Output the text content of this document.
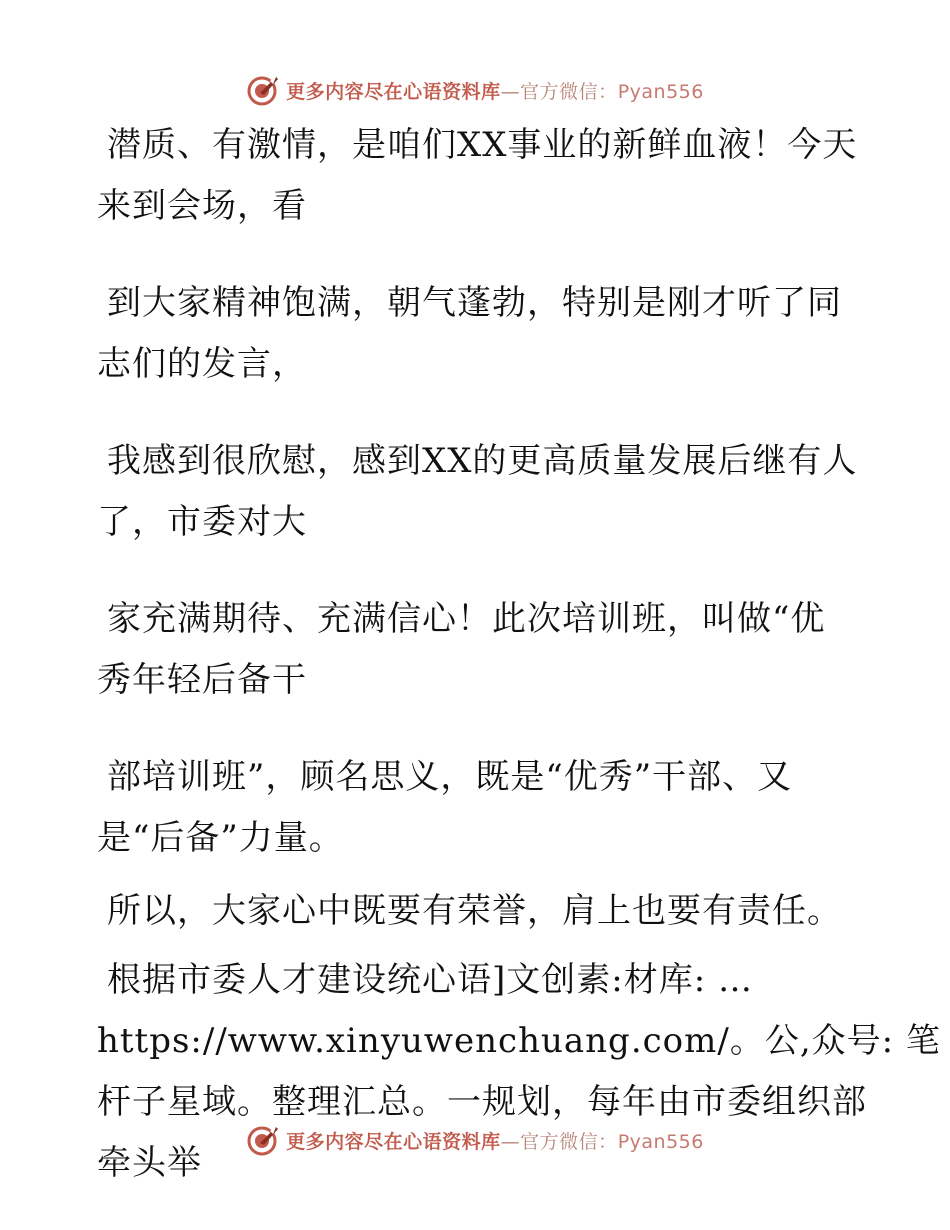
更多内容尽在心语资料库—官方微信：Pyan556
潜质、有激情，是咱们XX事业的新鲜血液！今天
来到会场，看
到大家精神饱满，朝气蓬勃，特别是刚才听了同
志们的发言，
我感到很欣慰，感到XX的更高质量发展后继有人
了，市委对大
家充满期待、充满信心！此次培训班，叫做“优
秀年轻后备干
部培训班”，顾名思义，既是“优秀”干部、又
是“后备”力量。
所以，大家心中既要有荣誉，肩上也要有责任。
根据市委人才建设统心语]文创素:材库: …
https://www.xinyuwenchuang.com/。公,众号: 笔
杆子星域。整理汇总。一规划，每年由市委组织部
牵头举
更多内容尽在心语资料库—官方微信：Pyan556
